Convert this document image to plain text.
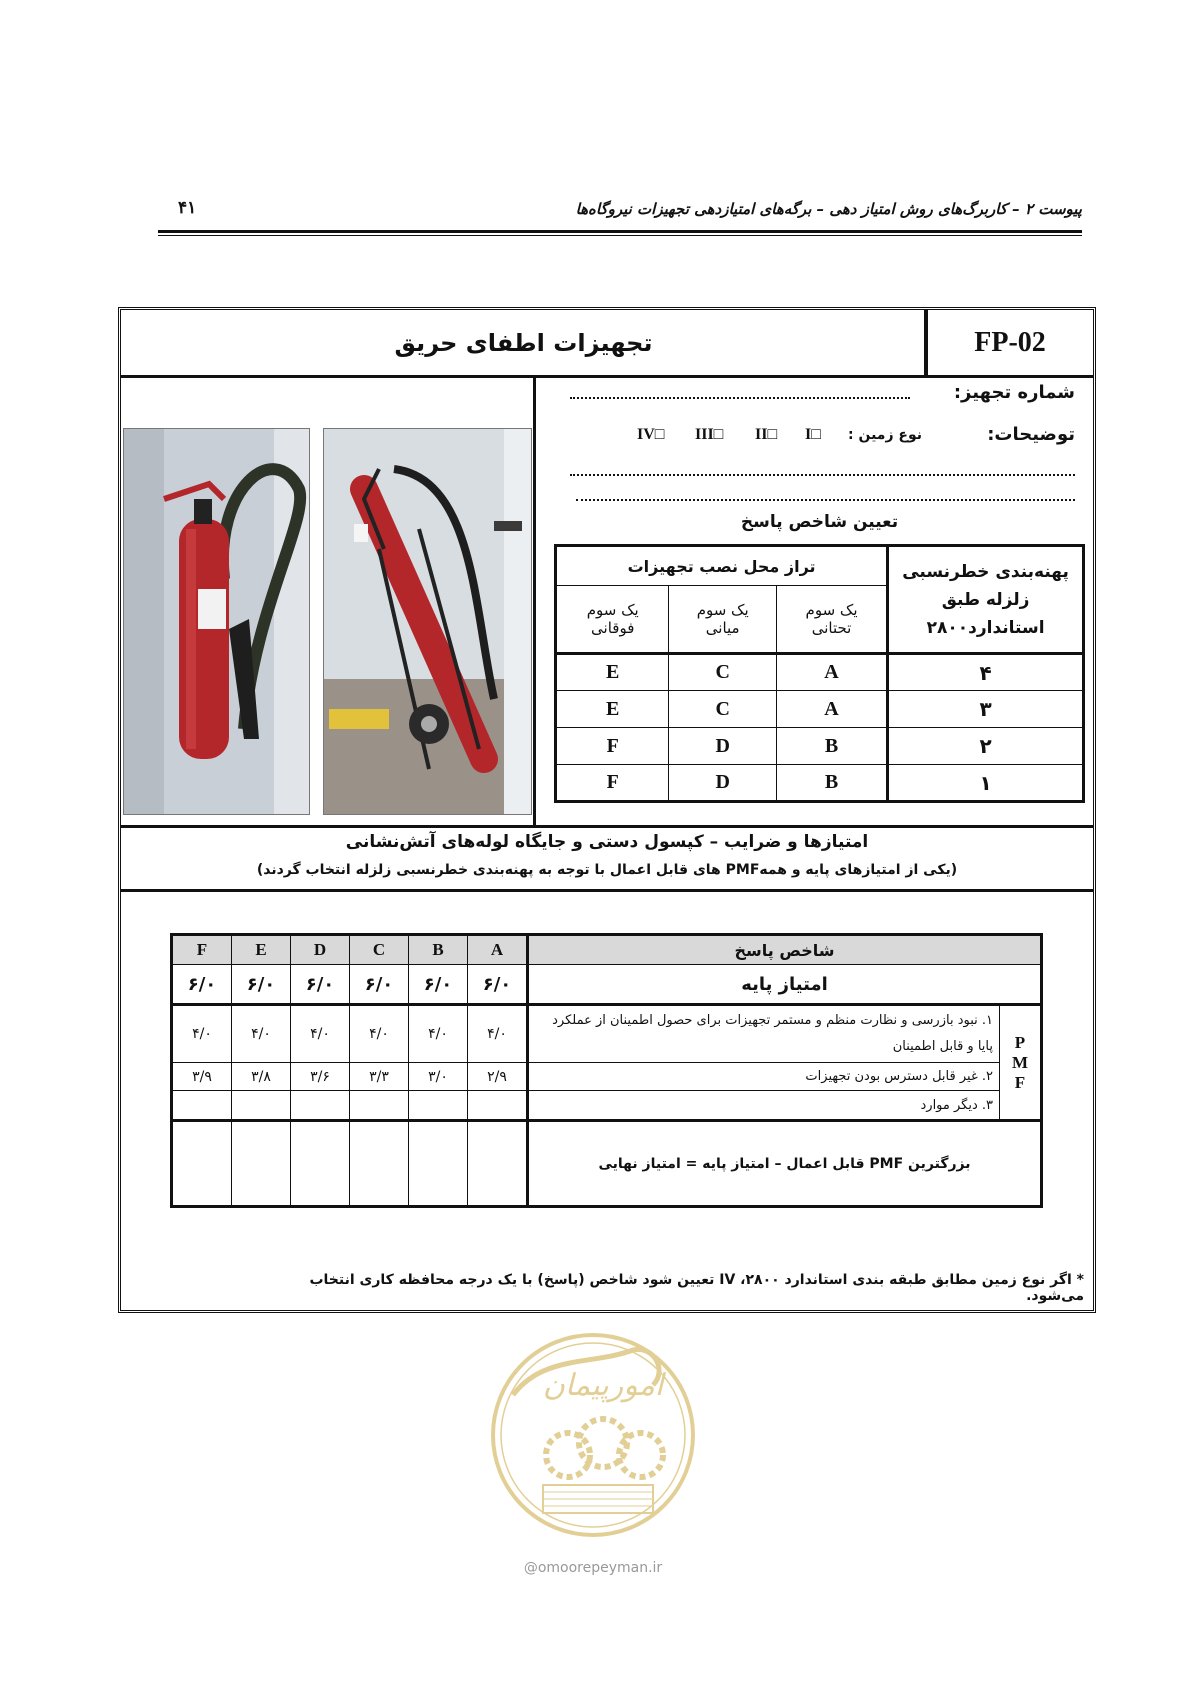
پیوست ۲ – کاربرگ‌های روش امتیاز دهی – برگه‌های امتیازدهی تجهیزات نیروگاه‌ها
۴۱
تجهیزات اطفای حریق	FP-02
شماره تجهیز:
توضیحات:
نوع زمین :
I□
II□
III□
IV□
تعیین شاخص پاسخ
تراز محل نصب تجهیزات			پهنه‌بندی خطرنسبی زلزله طبق استاندارد۲۸۰۰
یک سوم فوقانی	یک سوم میانی	یک سوم تحتانی	
E	C	A	۴
E	C	A	۳
F	D	B	۲
F	D	B	۱
امتیازها و ضرایب – کپسول دستی و جایگاه لوله‌های آتش‌نشانی
(یکی از امتیازهای پایه و همهPMF های قابل اعمال با توجه به پهنه‌بندی خطرنسبی زلزله انتخاب گردند)
F	E	D	C	B	A	شاخص پاسخ	
۶/۰	۶/۰	۶/۰	۶/۰	۶/۰	۶/۰	امتیاز پایه	
۴/۰	۴/۰	۴/۰	۴/۰	۴/۰	۴/۰	۱. نبود بازرسی و نظارت منظم و مستمر تجهیزات برای حصول اطمینان از عملکرد پایا و قابل اطمینان	P
M
F

۳/۹	۳/۸	۳/۶	۳/۳	۳/۰	۲/۹	۲. غیر قابل دسترس بودن تجهیزات	
						۳. دیگر موارد	
						بزرگترین PMF قابل اعمال – امتیاز پایه = امتیاز نهایی	
* اگر نوع زمین مطابق طبقه بندی استاندارد ۲۸۰۰، IV تعیین شود شاخص (پاسخ) با یک درجه محافظه کاری انتخاب می‌شود.
امورپیمان
@omoorepeyman.ir
